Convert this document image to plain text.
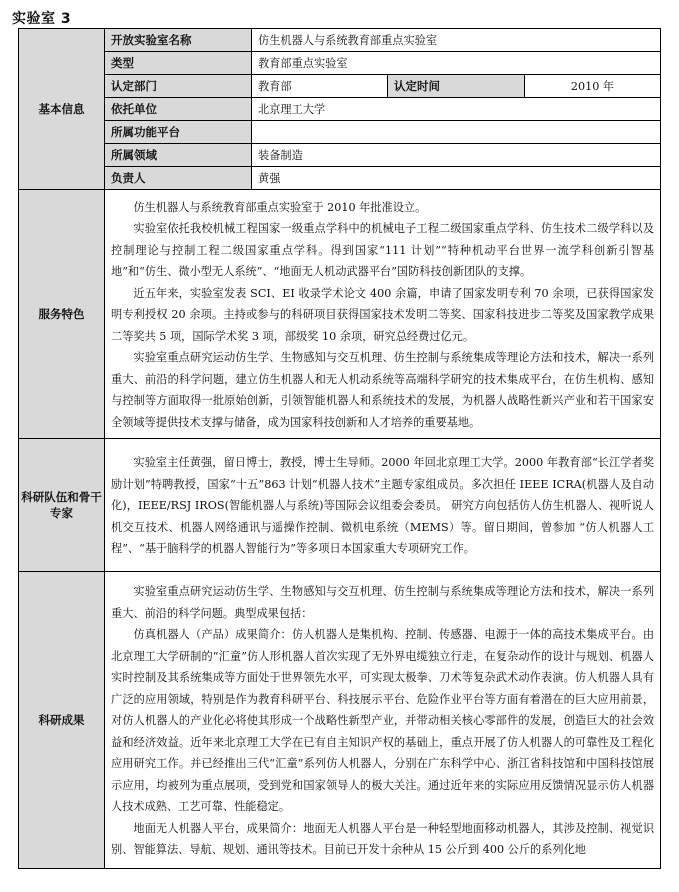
实验室 3
基本信息	开放实验室名称	仿生机器人与系统教育部重点实验室		
	类型	教育部重点实验室		
	认定部门	教育部	认定时间	2010 年
	依托单位	北京理工大学		
	所属功能平台			
	所属领域	装备制造		
	负责人	黄强		
服务特色	仿生机器人与系统教育部重点实验室于 2010 年批准设立。

实验室依托我校机械工程国家一级重点学科中的机械电子工程二级国家重点学科、仿生技术二级学科以及控制理论与控制工程二级国家重点学科。得到国家“111 计划”“特种机动平台世界一流学科创新引智基地”和“仿生、微小型无人系统”、“地面无人机动武器平台”国防科技创新团队的支撑。

近五年来，实验室发表 SCI、EI 收录学术论文 400 余篇，申请了国家发明专利 70 余项，已获得国家发明专利授权 20 余项。主持或参与的科研项目获得国家技术发明二等奖、国家科技进步二等奖及国家教学成果二等奖共 5 项，国际学术奖 3 项，部级奖 10 余项，研究总经费过亿元。

实验室重点研究运动仿生学、生物感知与交互机理、仿生控制与系统集成等理论方法和技术，解决一系列重大、前沿的科学问题，建立仿生机器人和无人机动系统等高端科学研究的技术集成平台，在仿生机构、感知与控制等方面取得一批原始创新，引领智能机器人和系统技术的发展，为机器人战略性新兴产业和若干国家安全领域等提供技术支撑与储备，成为国家科技创新和人才培养的重要基地。			

科研队伍和骨干专家	实验室主任黄强，留日博士，教授，博士生导师。2000 年回北京理工大学。2000 年教育部“长江学者奖励计划”特聘教授，国家“十五”863 计划“机器人技术”主题专家组成员。多次担任 IEEE ICRA(机器人及自动化)，IEEE/RSJ IROS(智能机器人与系统)等国际会议组委会委员。 研究方向包括仿人仿生机器人、视听说人机交互技术、机器人网络通讯与遥操作控制、微机电系统（MEMS）等。留日期间，曾参加 “仿人机器人工程”、“基于脑科学的机器人智能行为”等多项日本国家重大专项研究工作。			

科研成果	实验室重点研究运动仿生学、生物感知与交互机理、仿生控制与系统集成等理论方法和技术，解决一系列重大、前沿的科学问题。典型成果包括：

仿真机器人（产品）成果简介：仿人机器人是集机构、控制、传感器、电源于一体的高技术集成平台。由北京理工大学研制的“汇童”仿人形机器人首次实现了无外界电缆独立行走，在复杂动作的设计与规划、机器人实时控制及其系统集成等方面处于世界领先水平，可实现太极拳、刀术等复杂武术动作表演。仿人机器人具有广泛的应用领域，特别是作为教育科研平台、科技展示平台、危险作业平台等方面有着潜在的巨大应用前景，对仿人机器人的产业化必将使其形成一个战略性新型产业，并带动相关核心零部件的发展，创造巨大的社会效益和经济效益。近年来北京理工大学在已有自主知识产权的基础上，重点开展了仿人机器人的可靠性及工程化应用研究工作。并已经推出三代“汇童”系列仿人机器人，分别在广东科学中心、浙江省科技馆和中国科技馆展示应用，均被列为重点展项，受到党和国家领导人的极大关注。通过近年来的实际应用反馈情况显示仿人机器人技术成熟、工艺可靠、性能稳定。

地面无人机器人平台，成果简介：地面无人机器人平台是一种轻型地面移动机器人，其涉及控制、视觉识别、智能算法、导航、规划、通讯等技术。目前已开发十余种从 15 公斤到 400 公斤的系列化地			
